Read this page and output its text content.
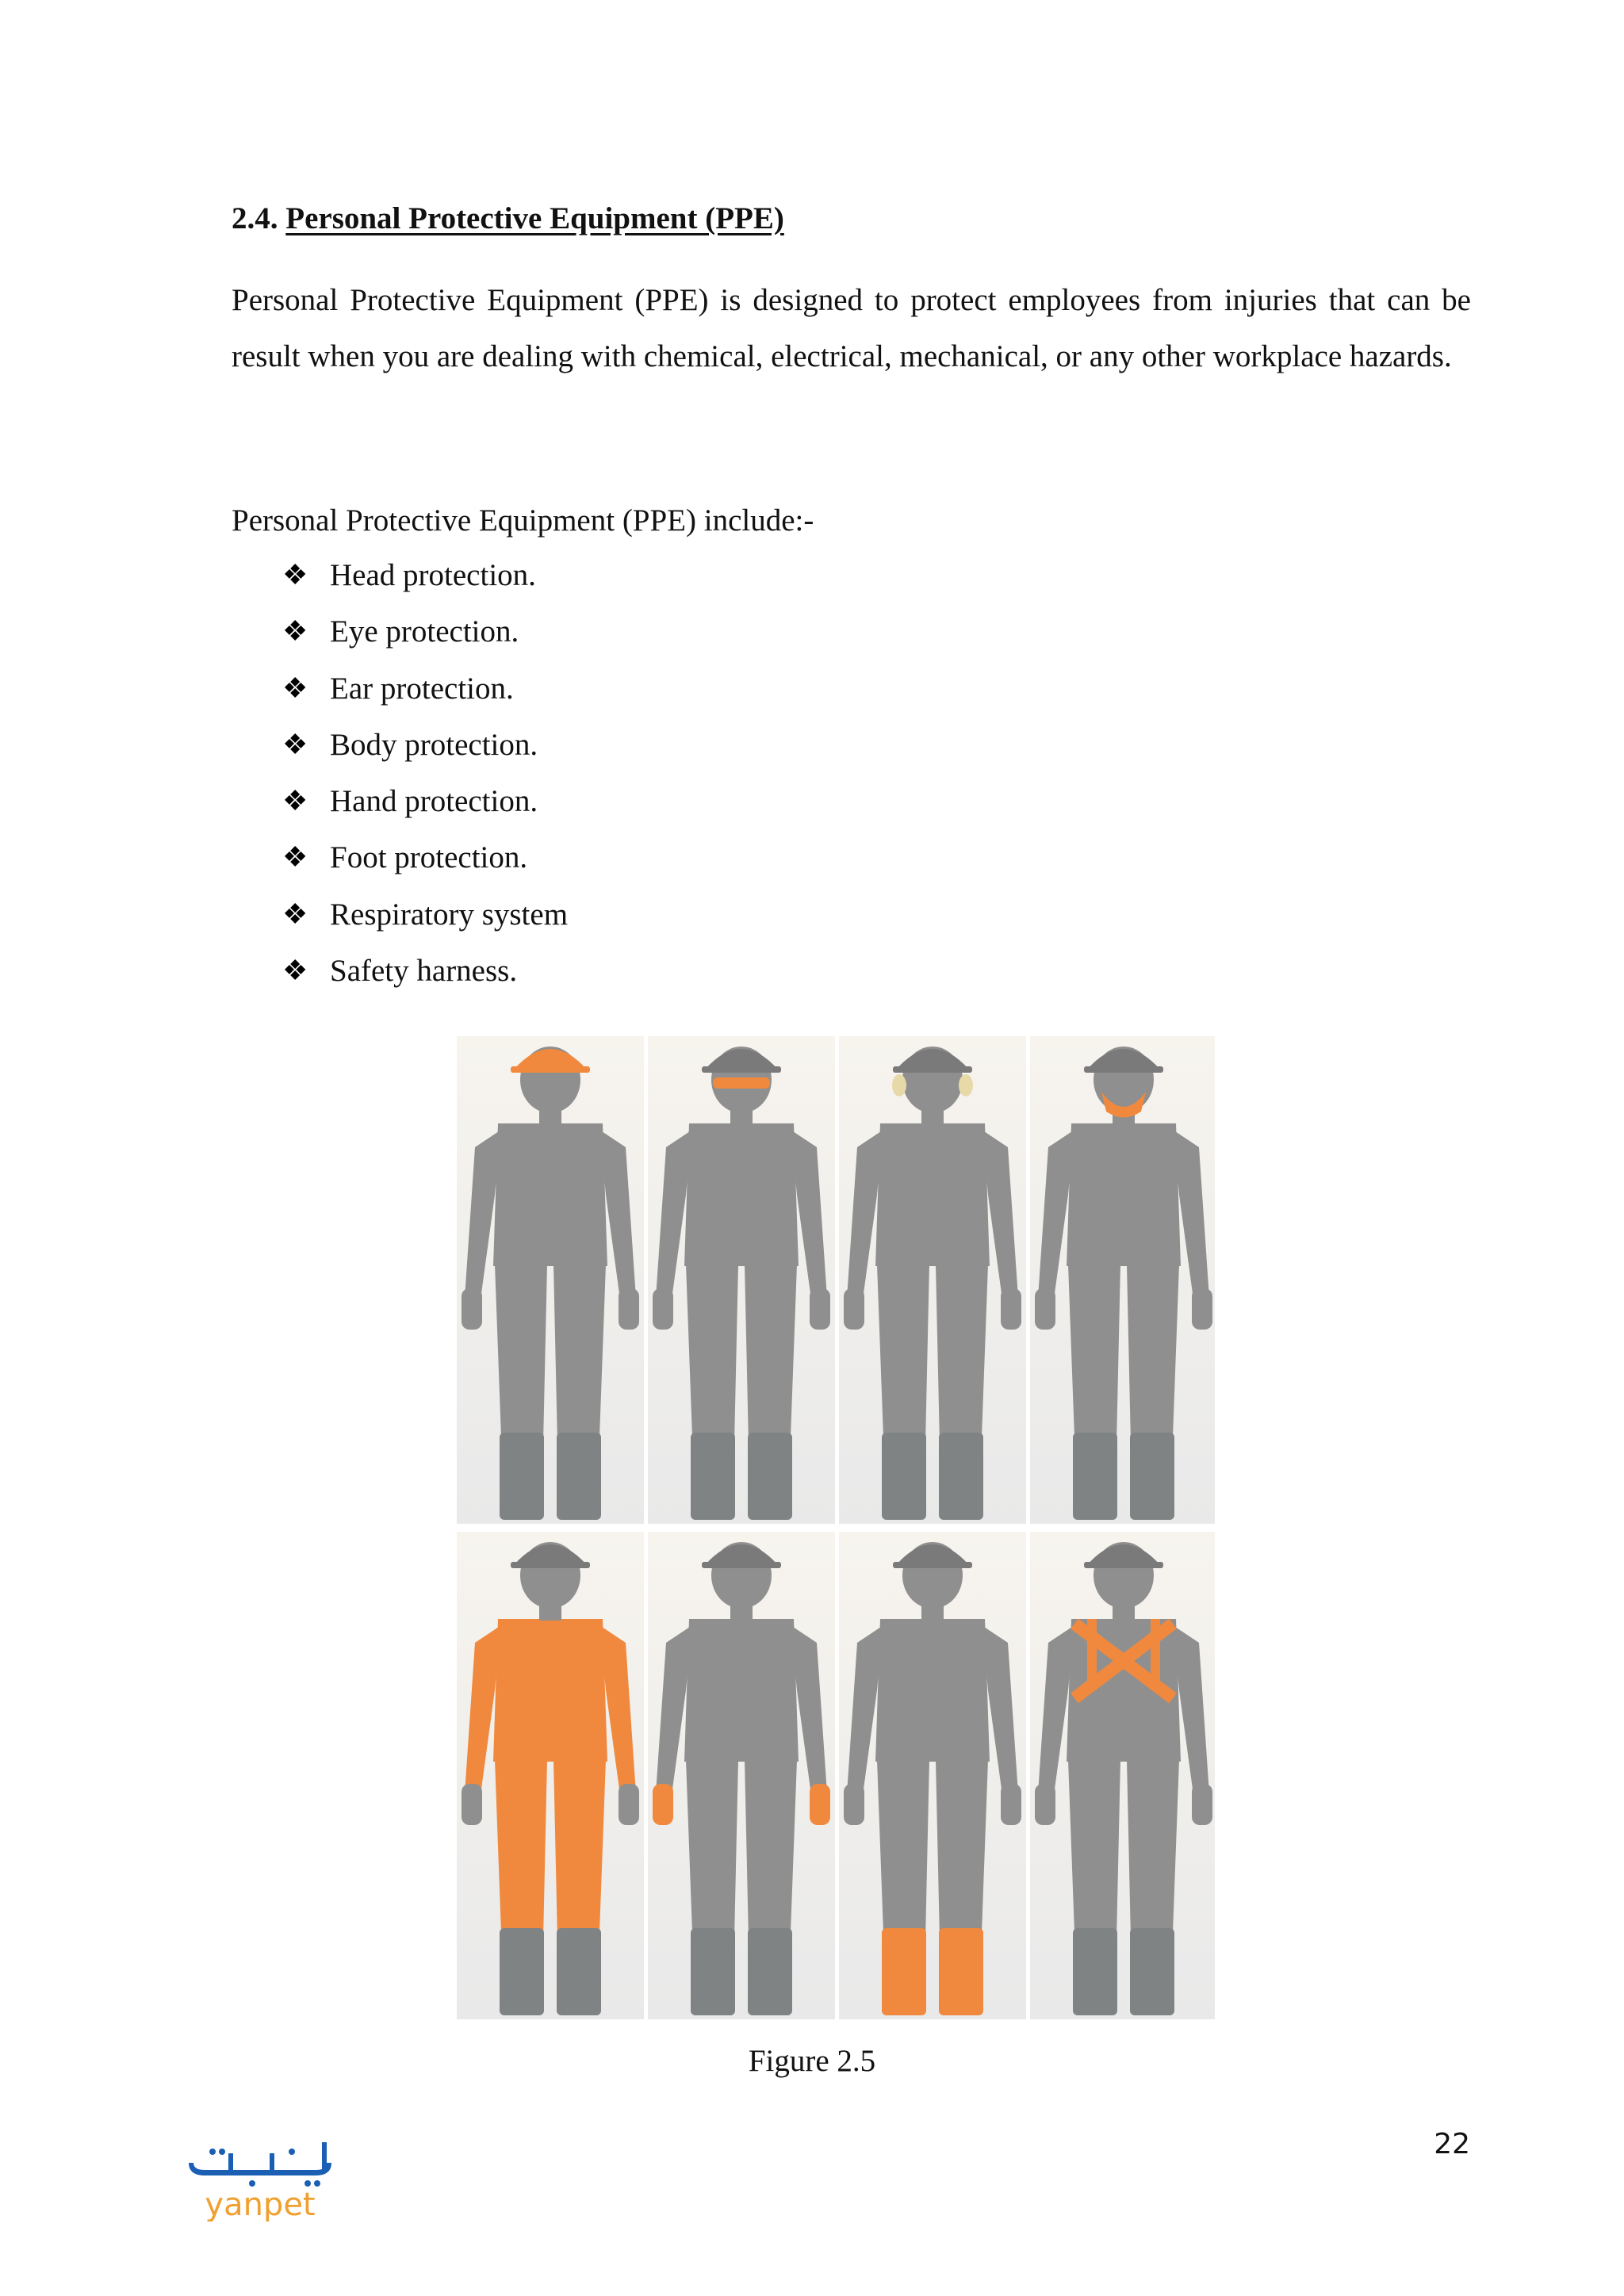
2.4. Personal Protective Equipment (PPE)

Personal Protective Equipment (PPE) is designed to protect employees from injuries that can be result when you are dealing with chemical, electrical, mechanical, or any other workplace hazards.

Personal Protective Equipment (PPE) include:-

❖ Head protection.
❖ Eye protection.
❖ Ear protection.
❖ Body protection.
❖ Hand protection.
❖ Foot protection.
❖ Respiratory system
❖ Safety harness.

Figure 2.5

22
yanpet
